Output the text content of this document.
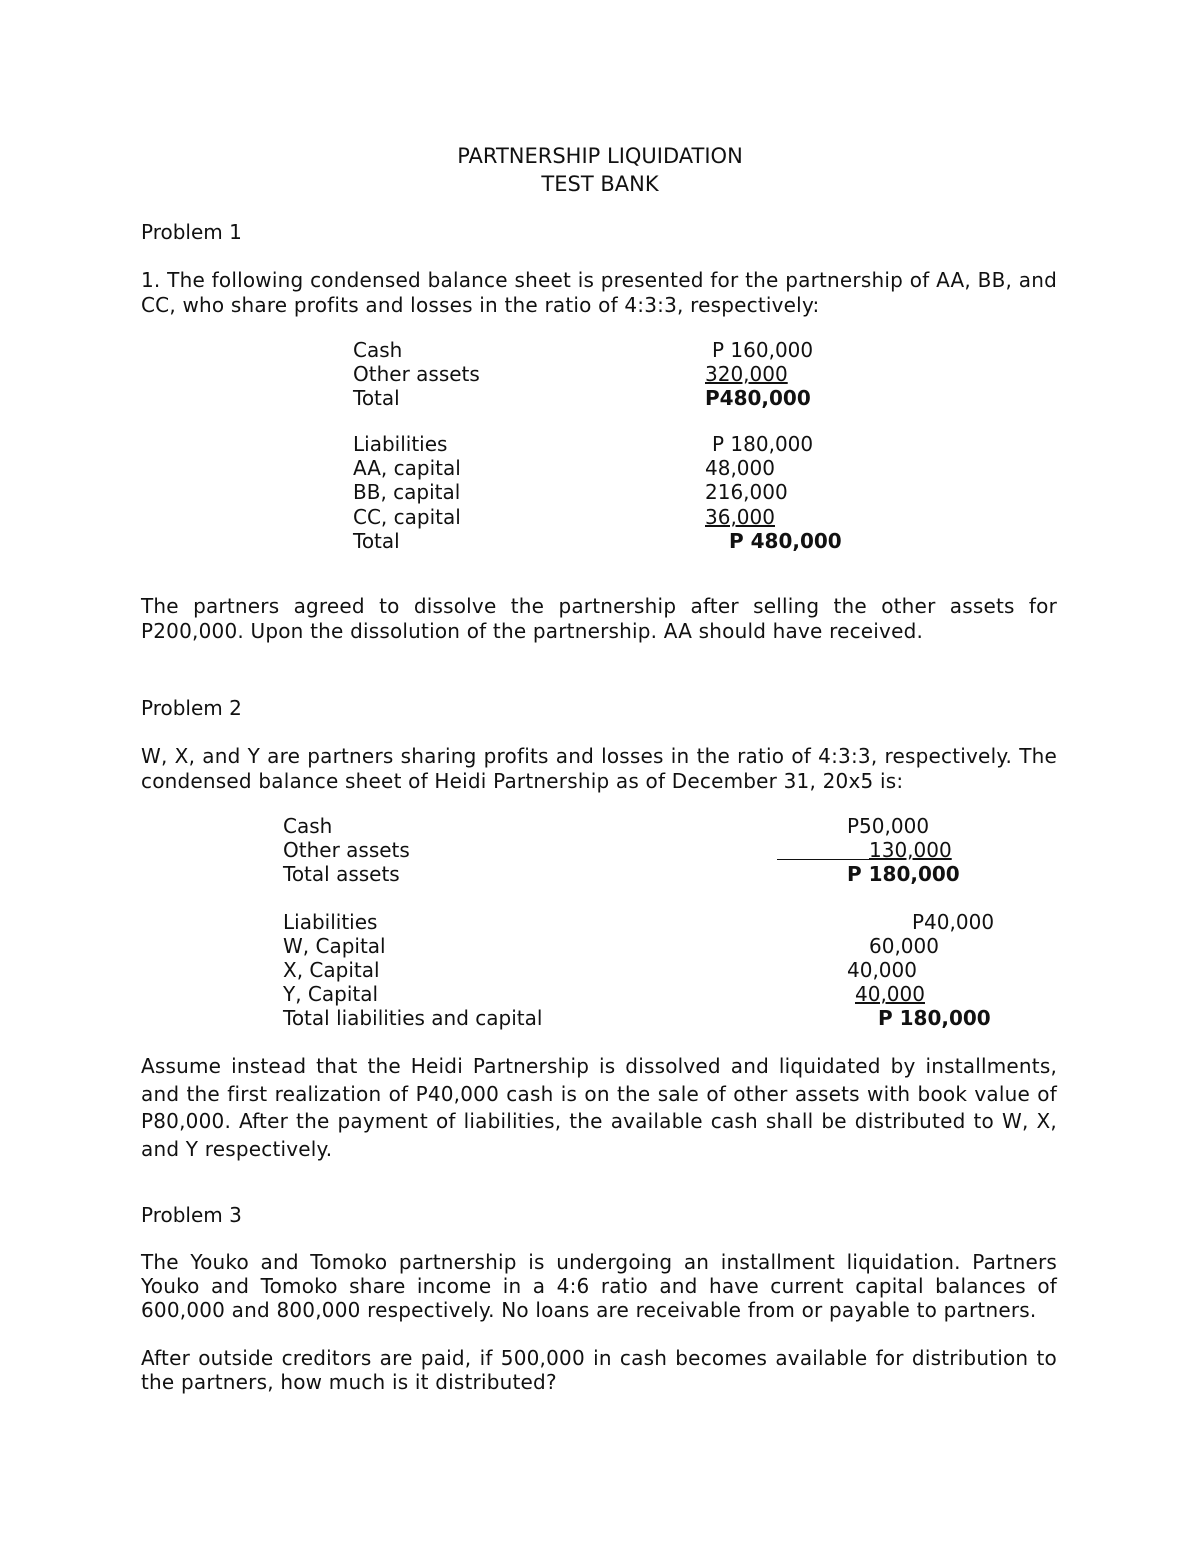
PARTNERSHIP LIQUIDATION
TEST BANK
Problem 1
1. The following condensed balance sheet is presented for the partnership of AA, BB, and CC, who share profits and losses in the ratio of 4:3:3, respectively:
Cash	P 160,000
Other assets	320,000
Total	P480,000
Liabilities	P 180,000
AA, capital	48,000
BB, capital	216,000
CC, capital	36,000
Total	P 480,000
The partners agreed to dissolve the partnership after selling the other assets for P200,000. Upon the dissolution of the partnership. AA should have received.
Problem 2
W, X, and Y are partners sharing profits and losses in the ratio of 4:3:3, respectively. The condensed balance sheet of Heidi Partnership as of December 31, 20x5 is:
Cash	P50,000
Other assets	130,000
Total assets	P 180,000
Liabilities	P40,000
W, Capital	60,000
X, Capital	40,000
Y, Capital	40,000
Total liabilities and capital	P 180,000
Assume instead that the Heidi Partnership is dissolved and liquidated by installments, and the first realization of P40,000 cash is on the sale of other assets with book value of P80,000. After the payment of liabilities, the available cash shall be distributed to W, X, and Y respectively.
Problem 3
The Youko and Tomoko partnership is undergoing an installment liquidation. Partners Youko and Tomoko share income in a 4:6 ratio and have current capital balances of 600,000 and 800,000 respectively. No loans are receivable from or payable to partners.
After outside creditors are paid, if 500,000 in cash becomes available for distribution to the partners, how much is it distributed?
